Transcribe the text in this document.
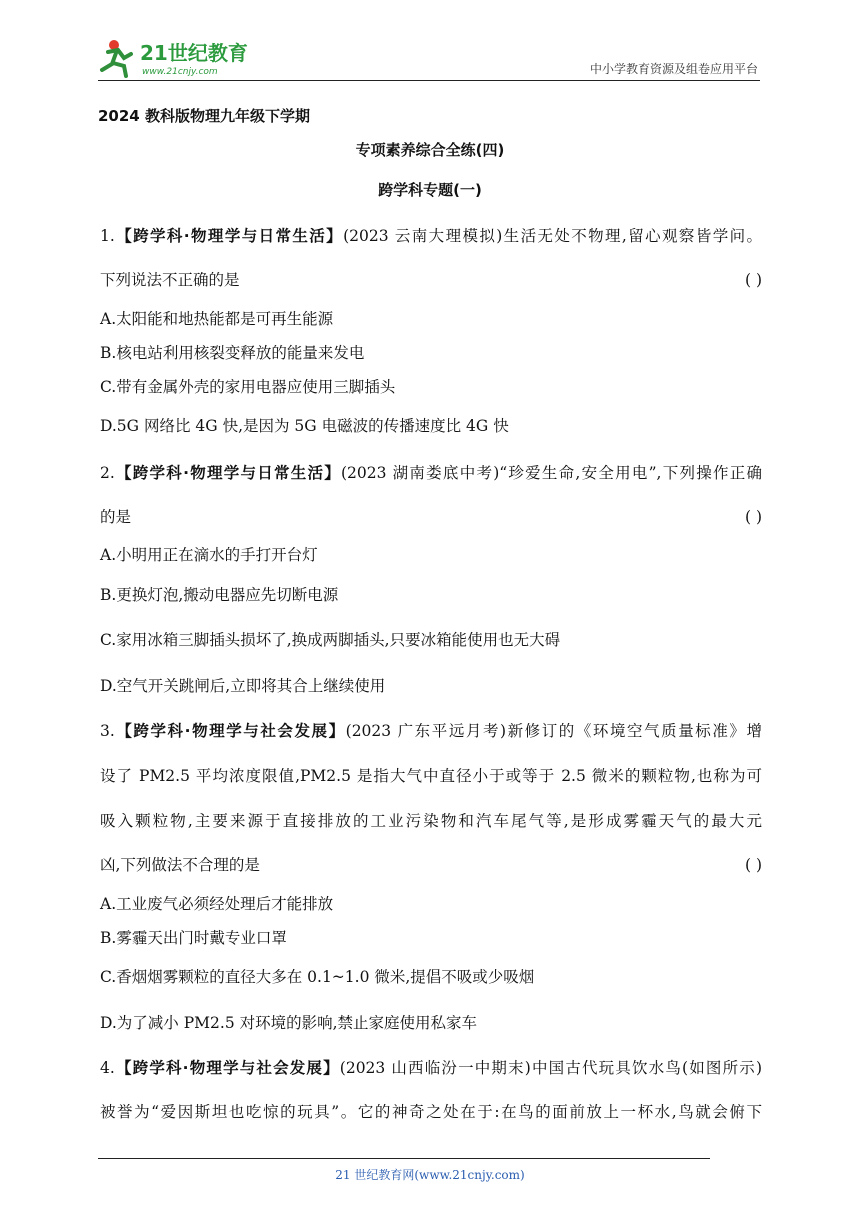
21世纪教育
www.21cnjy.com	中小学教育资源及组卷应用平台
2024 教科版物理九年级下学期
专项素养综合全练(四)
跨学科专题(一)
1.【跨学科·物理学与日常生活】(2023 云南大理模拟)生活无处不物理,留心观察皆学问。
下列说法不正确的是	( )
A.太阳能和地热能都是可再生能源
B.核电站利用核裂变释放的能量来发电
C.带有金属外壳的家用电器应使用三脚插头
D.5G 网络比 4G 快,是因为 5G 电磁波的传播速度比 4G 快
2.【跨学科·物理学与日常生活】(2023 湖南娄底中考)“珍爱生命,安全用电”,下列操作正确
的是	( )
A.小明用正在滴水的手打开台灯
B.更换灯泡,搬动电器应先切断电源
C.家用冰箱三脚插头损坏了,换成两脚插头,只要冰箱能使用也无大碍
D.空气开关跳闸后,立即将其合上继续使用
3.【跨学科·物理学与社会发展】(2023 广东平远月考)新修订的《环境空气质量标准》增
设了 PM2.5 平均浓度限值,PM2.5 是指大气中直径小于或等于 2.5 微米的颗粒物,也称为可
吸入颗粒物,主要来源于直接排放的工业污染物和汽车尾气等,是形成雾霾天气的最大元
凶,下列做法不合理的是	( )
A.工业废气必须经处理后才能排放
B.雾霾天出门时戴专业口罩
C.香烟烟雾颗粒的直径大多在 0.1~1.0 微米,提倡不吸或少吸烟
D.为了减小 PM2.5 对环境的影响,禁止家庭使用私家车
4.【跨学科·物理学与社会发展】(2023 山西临汾一中期末)中国古代玩具饮水鸟(如图所示)
被誉为“爱因斯坦也吃惊的玩具”。它的神奇之处在于:在鸟的面前放上一杯水,鸟就会俯下
21 世纪教育网(www.21cnjy.com)
